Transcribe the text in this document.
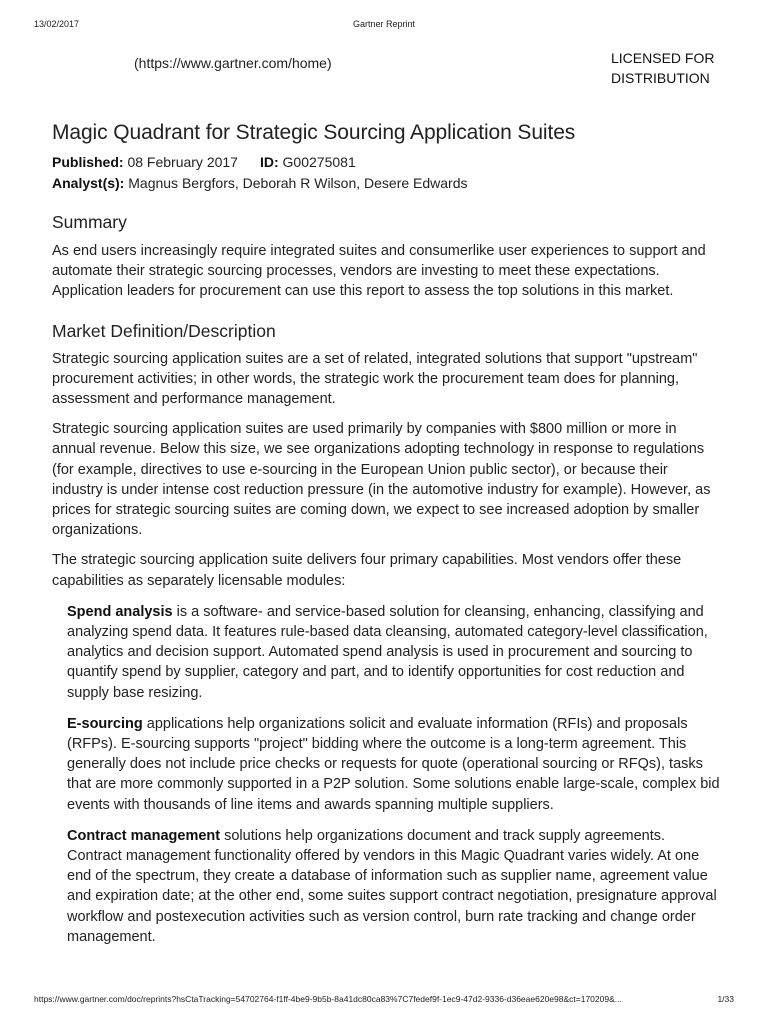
13/02/2017	Gartner Reprint
(https://www.gartner.com/home)	LICENSED FOR
DISTRIBUTION
Magic Quadrant for Strategic Sourcing Application Suites
Published: 08 February 2017 ID: G00275081
Analyst(s): Magnus Bergfors, Deborah R Wilson, Desere Edwards
Summary

As end users increasingly require integrated suites and consumerlike user experiences to support and automate their strategic sourcing processes, vendors are investing to meet these expectations. Application leaders for procurement can use this report to assess the top solutions in this market.

Market Definition/Description

Strategic sourcing application suites are a set of related, integrated solutions that support "upstream" procurement activities; in other words, the strategic work the procurement team does for planning, assessment and performance management.

Strategic sourcing application suites are used primarily by companies with $800 million or more in annual revenue. Below this size, we see organizations adopting technology in response to regulations (for example, directives to use e-sourcing in the European Union public sector), or because their industry is under intense cost reduction pressure (in the automotive industry for example). However, as prices for strategic sourcing suites are coming down, we expect to see increased adoption by smaller organizations.

The strategic sourcing application suite delivers four primary capabilities. Most vendors offer these capabilities as separately licensable modules:

Spend analysis is a software- and service-based solution for cleansing, enhancing, classifying and analyzing spend data. It features rule-based data cleansing, automated category-level classification, analytics and decision support. Automated spend analysis is used in procurement and sourcing to quantify spend by supplier, category and part, and to identify opportunities for cost reduction and supply base resizing.

E-sourcing applications help organizations solicit and evaluate information (RFIs) and proposals (RFPs). E-sourcing supports "project" bidding where the outcome is a long-term agreement. This generally does not include price checks or requests for quote (operational sourcing or RFQs), tasks that are more commonly supported in a P2P solution. Some solutions enable large-scale, complex bid events with thousands of line items and awards spanning multiple suppliers.

Contract management solutions help organizations document and track supply agreements. Contract management functionality offered by vendors in this Magic Quadrant varies widely. At one end of the spectrum, they create a database of information such as supplier name, agreement value and expiration date; at the other end, some suites support contract negotiation, presignature approval workflow and postexecution activities such as version control, burn rate tracking and change order management.

https://www.gartner.com/doc/reprints?hsCtaTracking=54702764-f1ff-4be9-9b5b-8a41dc80ca83%7C7fedef9f-1ec9-47d2-9336-d36eae620e98&ct=170209&...	1/33
